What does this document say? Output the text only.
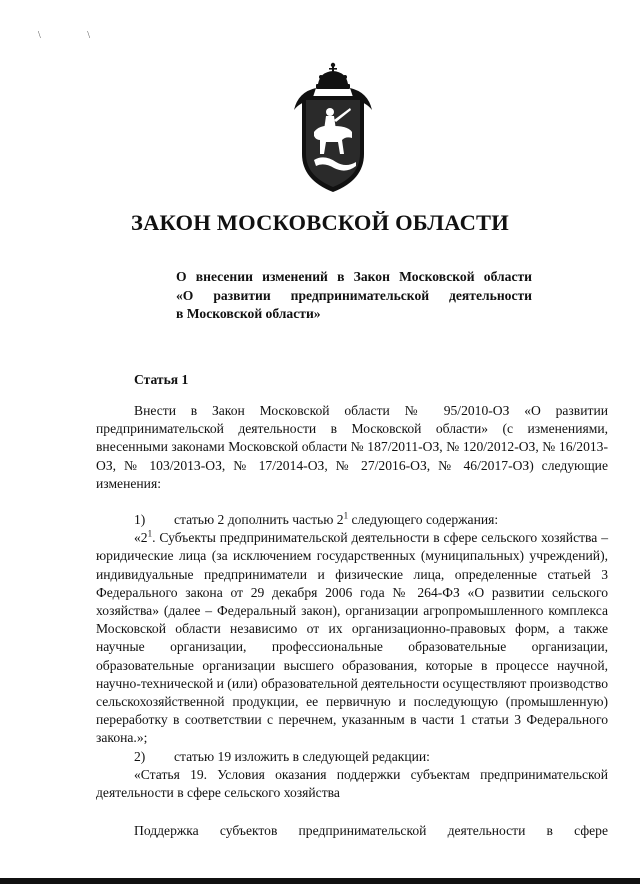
\ \
ЗАКОН МОСКОВСКОЙ ОБЛАСТИ
О внесении изменений в Закон Московской области
«О развитии предпринимательской деятельности
в Московской области»
Статья 1

Внести в Закон Московской области № 95/2010-ОЗ «О развитии предпринимательской деятельности в Московской области» (с изменениями, внесенными законами Московской области № 187/2011-ОЗ, № 120/2012-ОЗ, № 16/2013-ОЗ, № 103/2013-ОЗ, № 17/2014-ОЗ, № 27/2016-ОЗ, № 46/2017-ОЗ) следующие изменения:

1) статью 2 дополнить частью $2^1$ следующего содержания:

«$2^1$. Субъекты предпринимательской деятельности в сфере сельского хозяйства – юридические лица (за исключением государственных (муниципальных) учреждений), индивидуальные предприниматели и физические лица, определенные статьей 3 Федерального закона от 29 декабря 2006 года № 264-ФЗ «О развитии сельского хозяйства» (далее – Федеральный закон), организации агропромышленного комплекса Московской области независимо от их организационно-правовых форм, а также научные организации, профессиональные образовательные организации, образовательные организации высшего образования, которые в процессе научной, научно-технической и (или) образовательной деятельности осуществляют производство сельскохозяйственной продукции, ее первичную и последующую (промышленную) переработку в соответствии с перечнем, указанным в части 1 статьи 3 Федерального закона.»;

2) статью 19 изложить в следующей редакции:

«Статья 19. Условия оказания поддержки субъектам предпринимательской деятельности в сфере сельского хозяйства

Поддержка субъектов предпринимательской деятельности в сфере
